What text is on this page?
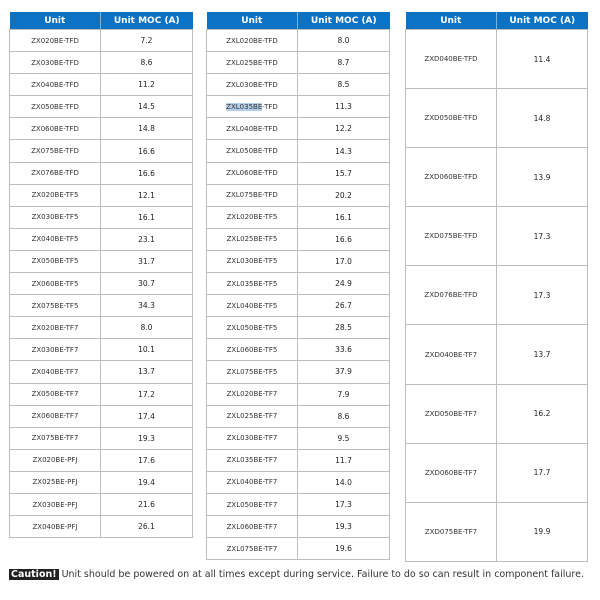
Unit	Unit MOC (A)
ZX020BE-TFD	7.2
ZX030BE-TFD	8.6
ZX040BE-TFD	11.2
ZX050BE-TFD	14.5
ZX060BE-TFD	14.8
ZX075BE-TFD	16.6
ZX076BE-TFD	16.6
ZX020BE-TF5	12.1
ZX030BE-TF5	16.1
ZX040BE-TF5	23.1
ZX050BE-TF5	31.7
ZX060BE-TF5	30.7
ZX075BE-TF5	34.3
ZX020BE-TF7	8.0
ZX030BE-TF7	10.1
ZX040BE-TF7	13.7
ZX050BE-TF7	17.2
ZX060BE-TF7	17.4
ZX075BE-TF7	19.3
ZX020BE-PFJ	17.6
ZX025BE-PFJ	19.4
ZX030BE-PFJ	21.6
ZX040BE-PFJ	26.1
Unit	Unit MOC (A)
ZXL020BE-TFD	8.0
ZXL025BE-TFD	8.7
ZXL030BE-TFD	8.5
ZXL035BE-TFD	11.3
ZXL040BE-TFD	12.2
ZXL050BE-TFD	14.3
ZXL060BE-TFD	15.7
ZXL075BE-TFD	20.2
ZXL020BE-TF5	16.1
ZXL025BE-TF5	16.6
ZXL030BE-TF5	17.0
ZXL035BE-TF5	24.9
ZXL040BE-TF5	26.7
ZXL050BE-TF5	28.5
ZXL060BE-TF5	33.6
ZXL075BE-TF5	37.9
ZXL020BE-TF7	7.9
ZXL025BE-TF7	8.6
ZXL030BE-TF7	9.5
ZXL035BE-TF7	11.7
ZXL040BE-TF7	14.0
ZXL050BE-TF7	17.3
ZXL060BE-TF7	19.3
ZXL075BE-TF7	19.6
Unit	Unit MOC (A)
ZXD040BE-TFD	11.4
ZXD050BE-TFD	14.8
ZXD060BE-TFD	13.9
ZXD075BE-TFD	17.3
ZXD076BE-TFD	17.3
ZXD040BE-TF7	13.7
ZXD050BE-TF7	16.2
ZXD060BE-TF7	17.7
ZXD075BE-TF7	19.9
Caution! Unit should be powered on at all times except during service. Failure to do so can result in component failure.
